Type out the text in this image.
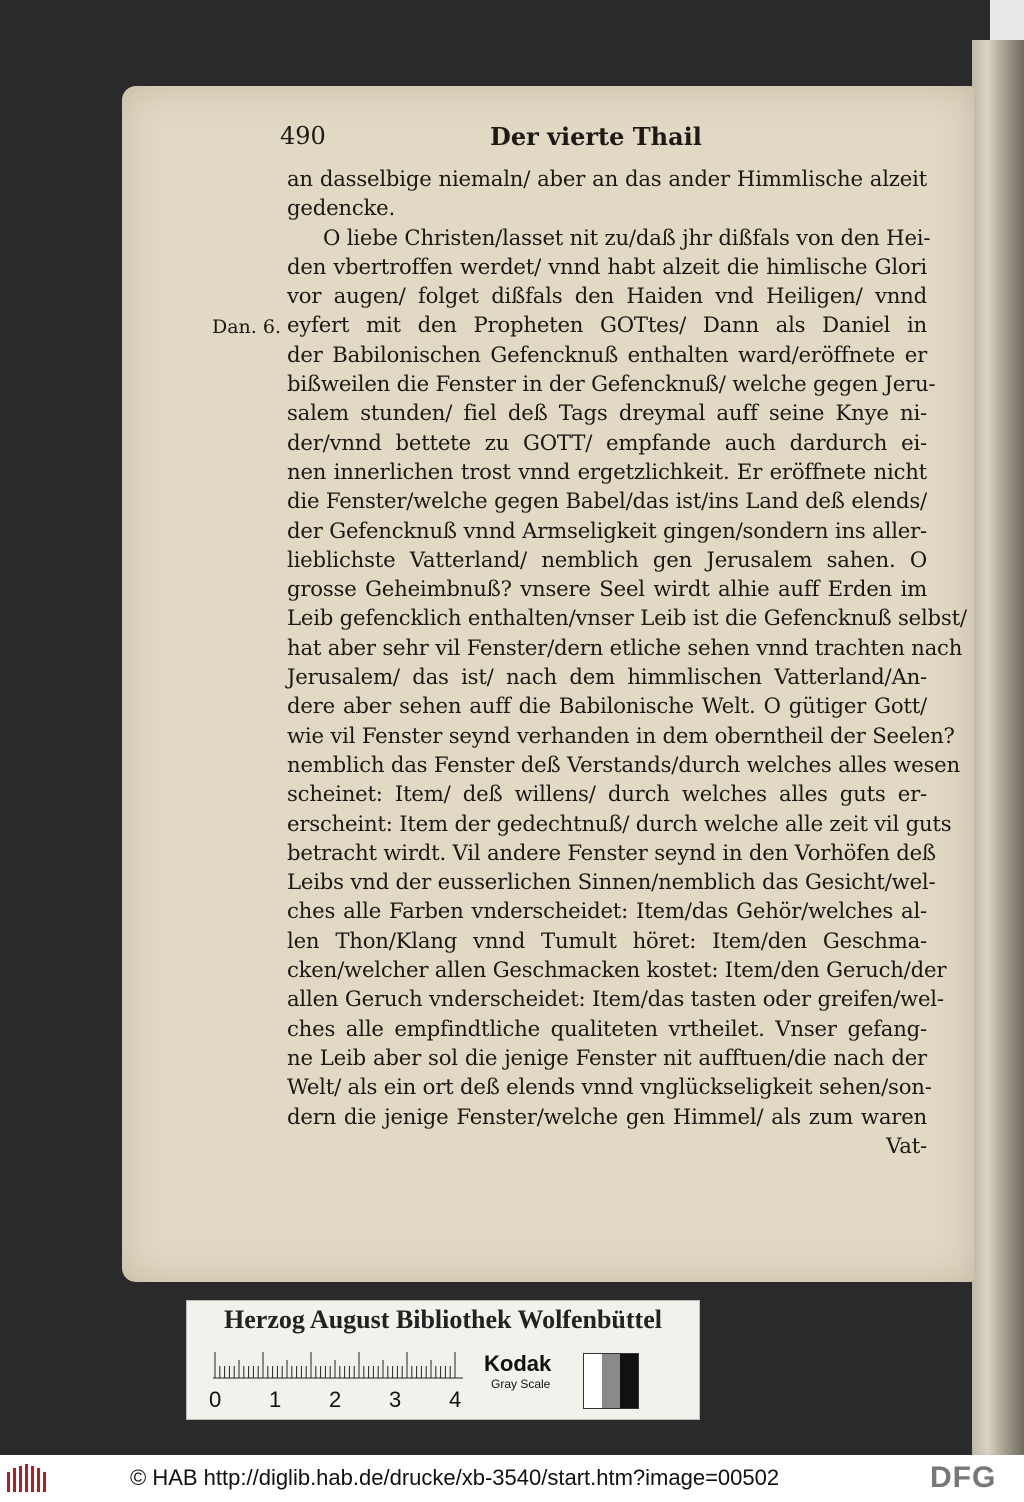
490	Der vierte Thail
Dan. 6.
an dasselbige niemaln/ aber an das ander Himmlische alzeit
gedencke.
O liebe Christen/lasset nit zu/daß jhr dißfals von den Hei-
den vbertroffen werdet/ vnnd habt alzeit die himlische Glori
vor augen/ folget dißfals den Haiden vnd Heiligen/ vnnd
eyfert mit den Propheten GOTtes/ Dann als Daniel in
der Babilonischen Gefencknuß enthalten ward/eröffnete er
bißweilen die Fenster in der Gefencknuß/ welche gegen Jeru-
salem stunden/ fiel deß Tags dreymal auff seine Knye ni-
der/vnnd bettete zu GOTT/ empfande auch dardurch ei-
nen innerlichen trost vnnd ergetzlichkeit. Er eröffnete nicht
die Fenster/welche gegen Babel/das ist/ins Land deß elends/
der Gefencknuß vnnd Armseligkeit gingen/sondern ins aller-
lieblichste Vatterland/ nemblich gen Jerusalem sahen. O
grosse Geheimbnuß? vnsere Seel wirdt alhie auff Erden im
Leib gefencklich enthalten/vnser Leib ist die Gefencknuß selbst/
hat aber sehr vil Fenster/dern etliche sehen vnnd trachten nach
Jerusalem/ das ist/ nach dem himmlischen Vatterland/An-
dere aber sehen auff die Babilonische Welt. O gütiger Gott/
wie vil Fenster seynd verhanden in dem oberntheil der Seelen?
nemblich das Fenster deß Verstands/durch welches alles wesen
scheinet: Item/ deß willens/ durch welches alles guts er-
erscheint: Item der gedechtnuß/ durch welche alle zeit vil guts
betracht wirdt. Vil andere Fenster seynd in den Vorhöfen deß
Leibs vnd der eusserlichen Sinnen/nemblich das Gesicht/wel-
ches alle Farben vnderscheidet: Item/das Gehör/welches al-
len Thon/Klang vnnd Tumult höret: Item/den Geschma-
cken/welcher allen Geschmacken kostet: Item/den Geruch/der
allen Geruch vnderscheidet: Item/das tasten oder greifen/wel-
ches alle empfindtliche qualiteten vrtheilet. Vnser gefang-
ne Leib aber sol die jenige Fenster nit aufftuen/die nach der
Welt/ als ein ort deß elends vnnd vnglückseligkeit sehen/son-
dern die jenige Fenster/welche gen Himmel/ als zum waren
Vat-
Herzog August Bibliothek Wolfenbüttel
0 1 2 3 4
Kodak
Gray Scale
© HAB http://diglib.hab.de/drucke/xb-3540/start.htm?image=00502	DFG
